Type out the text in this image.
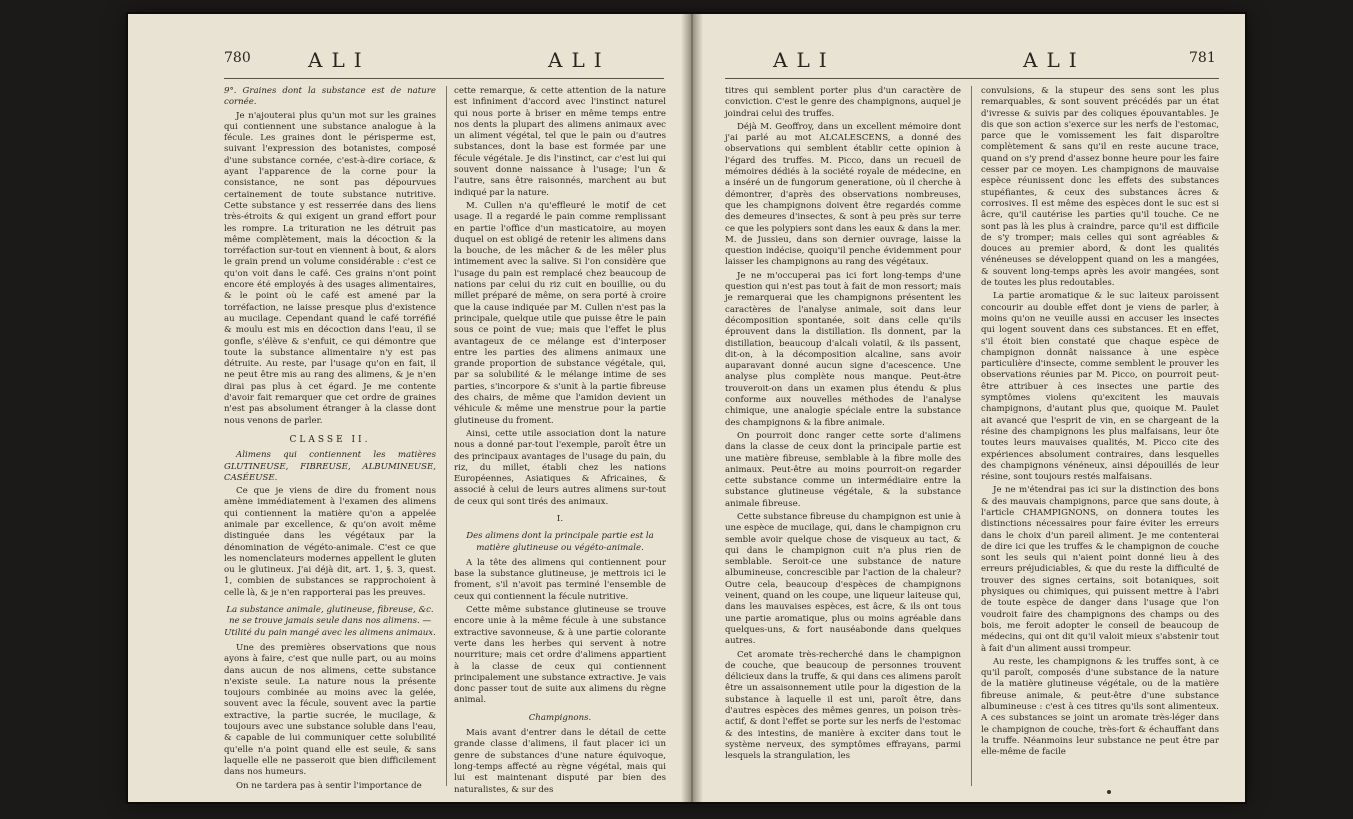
780	ALI	ALI

9°. Graines dont la substance est de nature cornée.

Je n'ajouterai plus qu'un mot sur les graines qui contiennent une substance analogue à la fécule. Les graines dont le périsperme est, suivant l'expression des botanistes, composé d'une substance cornée, c'est-à-dire coriace, & ayant l'apparence de la corne pour la consistance, ne sont pas dépourvues certainement de toute substance nutritive. Cette substance y est resserrée dans des liens très-étroits & qui exigent un grand effort pour les rompre. La trituration ne les détruit pas même complètement, mais la décoction & la torréfaction sur-tout en viennent à bout, & alors le grain prend un volume considérable : c'est ce qu'on voit dans le café. Ces grains n'ont point encore été employés à des usages alimentaires, & le point où le café est amené par la torréfaction, ne laisse presque plus d'existence au mucilage. Cependant quand le café torréfié & moulu est mis en décoction dans l'eau, il se gonfle, s'élève & s'enfuit, ce qui démontre que toute la substance alimentaire n'y est pas détruite. Au reste, par l'usage qu'on en fait, il ne peut être mis au rang des alimens, & je n'en dirai pas plus à cet égard. Je me contente d'avoir fait remarquer que cet ordre de graines n'est pas absolument étranger à la classe dont nous venons de parler.

CLASSE II.

Alimens qui contiennent les matières GLUTINEUSE, FIBREUSE, ALBUMINEUSE, CASÉEUSE.

Ce que je viens de dire du froment nous amène immédiatement à l'examen des alimens qui contiennent la matière qu'on a appelée animale par excellence, & qu'on avoit même distinguée dans les végétaux par la dénomination de végéto-animale. C'est ce que les nomenclateurs modernes appellent le gluten ou le glutineux. J'ai déjà dit, art. 1, §. 3, quest. 1, combien de substances se rapprochoient à celle là, & je n'en rapporterai pas les preuves.

La substance animale, glutineuse, fibreuse, &c. ne se trouve jamais seule dans nos alimens. — Utilité du pain mangé avec les alimens animaux.

Une des premières observations que nous ayons à faire, c'est que nulle part, ou au moins dans aucun de nos alimens, cette substance n'existe seule. La nature nous la présente toujours combinée au moins avec la gelée, souvent avec la fécule, souvent avec la partie extractive, la partie sucrée, le mucilage, & toujours avec une substance soluble dans l'eau, & capable de lui communiquer cette solubilité qu'elle n'a point quand elle est seule, & sans laquelle elle ne passeroit que bien difficilement dans nos humeurs.

On ne tardera pas à sentir l'importance de

cette remarque, & cette attention de la nature est infiniment d'accord avec l'instinct naturel qui nous porte à briser en même temps entre nos dents la plupart des alimens animaux avec un aliment végétal, tel que le pain ou d'autres substances, dont la base est formée par une fécule végétale. Je dis l'instinct, car c'est lui qui souvent donne naissance à l'usage; l'un & l'autre, sans être raisonnés, marchent au but indiqué par la nature.

M. Cullen n'a qu'effleuré le motif de cet usage. Il a regardé le pain comme remplissant en partie l'office d'un masticatoire, au moyen duquel on est obligé de retenir les alimens dans la bouche, de les mâcher & de les mêler plus intimement avec la salive. Si l'on considère que l'usage du pain est remplacé chez beaucoup de nations par celui du riz cuit en bouillie, ou du millet préparé de même, on sera porté à croire que la cause indiquée par M. Cullen n'est pas la principale, quelque utile que puisse être le pain sous ce point de vue; mais que l'effet le plus avantageux de ce mélange est d'interposer entre les parties des alimens animaux une grande proportion de substance végétale, qui, par sa solubilité & le mélange intime de ses parties, s'incorpore & s'unit à la partie fibreuse des chairs, de même que l'amidon devient un véhicule & même une menstrue pour la partie glutineuse du froment.

Ainsi, cette utile association dont la nature nous a donné par-tout l'exemple, paroît être un des principaux avantages de l'usage du pain, du riz, du millet, établi chez les nations Européennes, Asiatiques & Africaines, & associé à celui de leurs autres alimens sur-tout de ceux qui sont tirés des animaux.

I.

Des alimens dont la principale partie est la matière glutineuse ou végéto-animale.

A la tête des alimens qui contiennent pour base la substance glutineuse, je mettrois ici le froment, s'il n'avoit pas terminé l'ensemble de ceux qui contiennent la fécule nutritive.

Cette même substance glutineuse se trouve encore unie à la même fécule à une substance extractive savonneuse, & à une partie colorante verte dans les herbes qui servent à notre nourriture; mais cet ordre d'alimens appartient à la classe de ceux qui contiennent principalement une substance extractive. Je vais donc passer tout de suite aux alimens du règne animal.

Champignons.

Mais avant d'entrer dans le détail de cette grande classe d'alimens, il faut placer ici un genre de substances d'une nature équivoque, long-temps affecté au règne végétal, mais qui lui est maintenant disputé par bien des naturalistes, & sur des

ALI	ALI	781

titres qui semblent porter plus d'un caractère de conviction. C'est le genre des champignons, auquel je joindrai celui des truffes.

Déjà M. Geoffroy, dans un excellent mémoire dont j'ai parlé au mot ALCALESCENS, a donné des observations qui semblent établir cette opinion à l'égard des truffes. M. Picco, dans un recueil de mémoires dédiés à la société royale de médecine, en a inséré un de fungorum generatione, où il cherche à démontrer, d'après des observations nombreuses, que les champignons doivent être regardés comme des demeures d'insectes, & sont à peu près sur terre ce que les polypiers sont dans les eaux & dans la mer. M. de Jussieu, dans son dernier ouvrage, laisse la question indécise, quoiqu'il penche évidemment pour laisser les champignons au rang des végétaux.

Je ne m'occuperai pas ici fort long-temps d'une question qui n'est pas tout à fait de mon ressort; mais je remarquerai que les champignons présentent les caractères de l'analyse animale, soit dans leur décomposition spontanée, soit dans celle qu'ils éprouvent dans la distillation. Ils donnent, par la distillation, beaucoup d'alcali volatil, & ils passent, dit-on, à la décomposition alcaline, sans avoir auparavant donné aucun signe d'acescence. Une analyse plus complète nous manque. Peut-être trouveroit-on dans un examen plus étendu & plus conforme aux nouvelles méthodes de l'analyse chimique, une analogie spéciale entre la substance des champignons & la fibre animale.

On pourroit donc ranger cette sorte d'alimens dans la classe de ceux dont la principale partie est une matière fibreuse, semblable à la fibre molle des animaux. Peut-être au moins pourroit-on regarder cette substance comme un intermédiaire entre la substance glutineuse végétale, & la substance animale fibreuse.

Cette substance fibreuse du champignon est unie à une espèce de mucilage, qui, dans le champignon cru semble avoir quelque chose de visqueux au tact, & qui dans le champignon cuit n'a plus rien de semblable. Seroit-ce une substance de nature albumineuse, concrescible par l'action de la chaleur? Outre cela, beaucoup d'espèces de champignons veinent, quand on les coupe, une liqueur laiteuse qui, dans les mauvaises espèces, est âcre, & ils ont tous une partie aromatique, plus ou moins agréable dans quelques-uns, & fort nauséabonde dans quelques autres.

Cet aromate très-recherché dans le champignon de couche, que beaucoup de personnes trouvent délicieux dans la truffe, & qui dans ces alimens paroît être un assaisonnement utile pour la digestion de la substance à laquelle il est uni, paroît être, dans d'autres espèces des mêmes genres, un poison très-actif, & dont l'effet se porte sur les nerfs de l'estomac & des intestins, de manière à exciter dans tout le système nerveux, des symptômes effrayans, parmi lesquels la strangulation, les

convulsions, & la stupeur des sens sont les plus remarquables, & sont souvent précédés par un état d'ivresse & suivis par des coliques épouvantables. Je dis que son action s'exerce sur les nerfs de l'estomac, parce que le vomissement les fait disparoître complètement & sans qu'il en reste aucune trace, quand on s'y prend d'assez bonne heure pour les faire cesser par ce moyen. Les champignons de mauvaise espèce réunissent donc les effets des substances stupéfiantes, & ceux des substances âcres & corrosives. Il est même des espèces dont le suc est si âcre, qu'il cautérise les parties qu'il touche. Ce ne sont pas là les plus à craindre, parce qu'il est difficile de s'y tromper; mais celles qui sont agréables & douces au premier abord, & dont les qualités vénéneuses se développent quand on les a mangées, & souvent long-temps après les avoir mangées, sont de toutes les plus redoutables.

La partie aromatique & le suc laiteux paroissent concourir au double effet dont je viens de parler, à moins qu'on ne veuille aussi en accuser les insectes qui logent souvent dans ces substances. Et en effet, s'il étoit bien constaté que chaque espèce de champignon donnât naissance à une espèce particulière d'insecte, comme semblent le prouver les observations réunies par M. Picco, on pourroit peut-être attribuer à ces insectes une partie des symptômes violens qu'excitent les mauvais champignons, d'autant plus que, quoique M. Paulet ait avancé que l'esprit de vin, en se chargeant de la résine des champignons les plus malfaisans, leur ôte toutes leurs mauvaises qualités, M. Picco cite des expériences absolument contraires, dans lesquelles des champignons vénéneux, ainsi dépouillés de leur résine, sont toujours restés malfaisans.

Je ne m'étendrai pas ici sur la distinction des bons & des mauvais champignons, parce que sans doute, à l'article CHAMPIGNONS, on donnera toutes les distinctions nécessaires pour faire éviter les erreurs dans le choix d'un pareil aliment. Je me contenterai de dire ici que les truffes & le champignon de couche sont les seuls qui n'aient point donné lieu à des erreurs préjudiciables, & que du reste la difficulté de trouver des signes certains, soit botaniques, soit physiques ou chimiques, qui puissent mettre à l'abri de toute espèce de danger dans l'usage que l'on voudroit faire des champignons des champs ou des bois, me feroit adopter le conseil de beaucoup de médecins, qui ont dit qu'il valoit mieux s'abstenir tout à fait d'un aliment aussi trompeur.

Au reste, les champignons & les truffes sont, à ce qu'il paroît, composés d'une substance de la nature de la matière glutineuse végétale, ou de la matière fibreuse animale, & peut-être d'une substance albumineuse : c'est à ces titres qu'ils sont alimenteux. A ces substances se joint un aromate très-léger dans le champignon de couche, très-fort & échauffant dans la truffe. Néanmoins leur substance ne peut être par elle-même de facile
